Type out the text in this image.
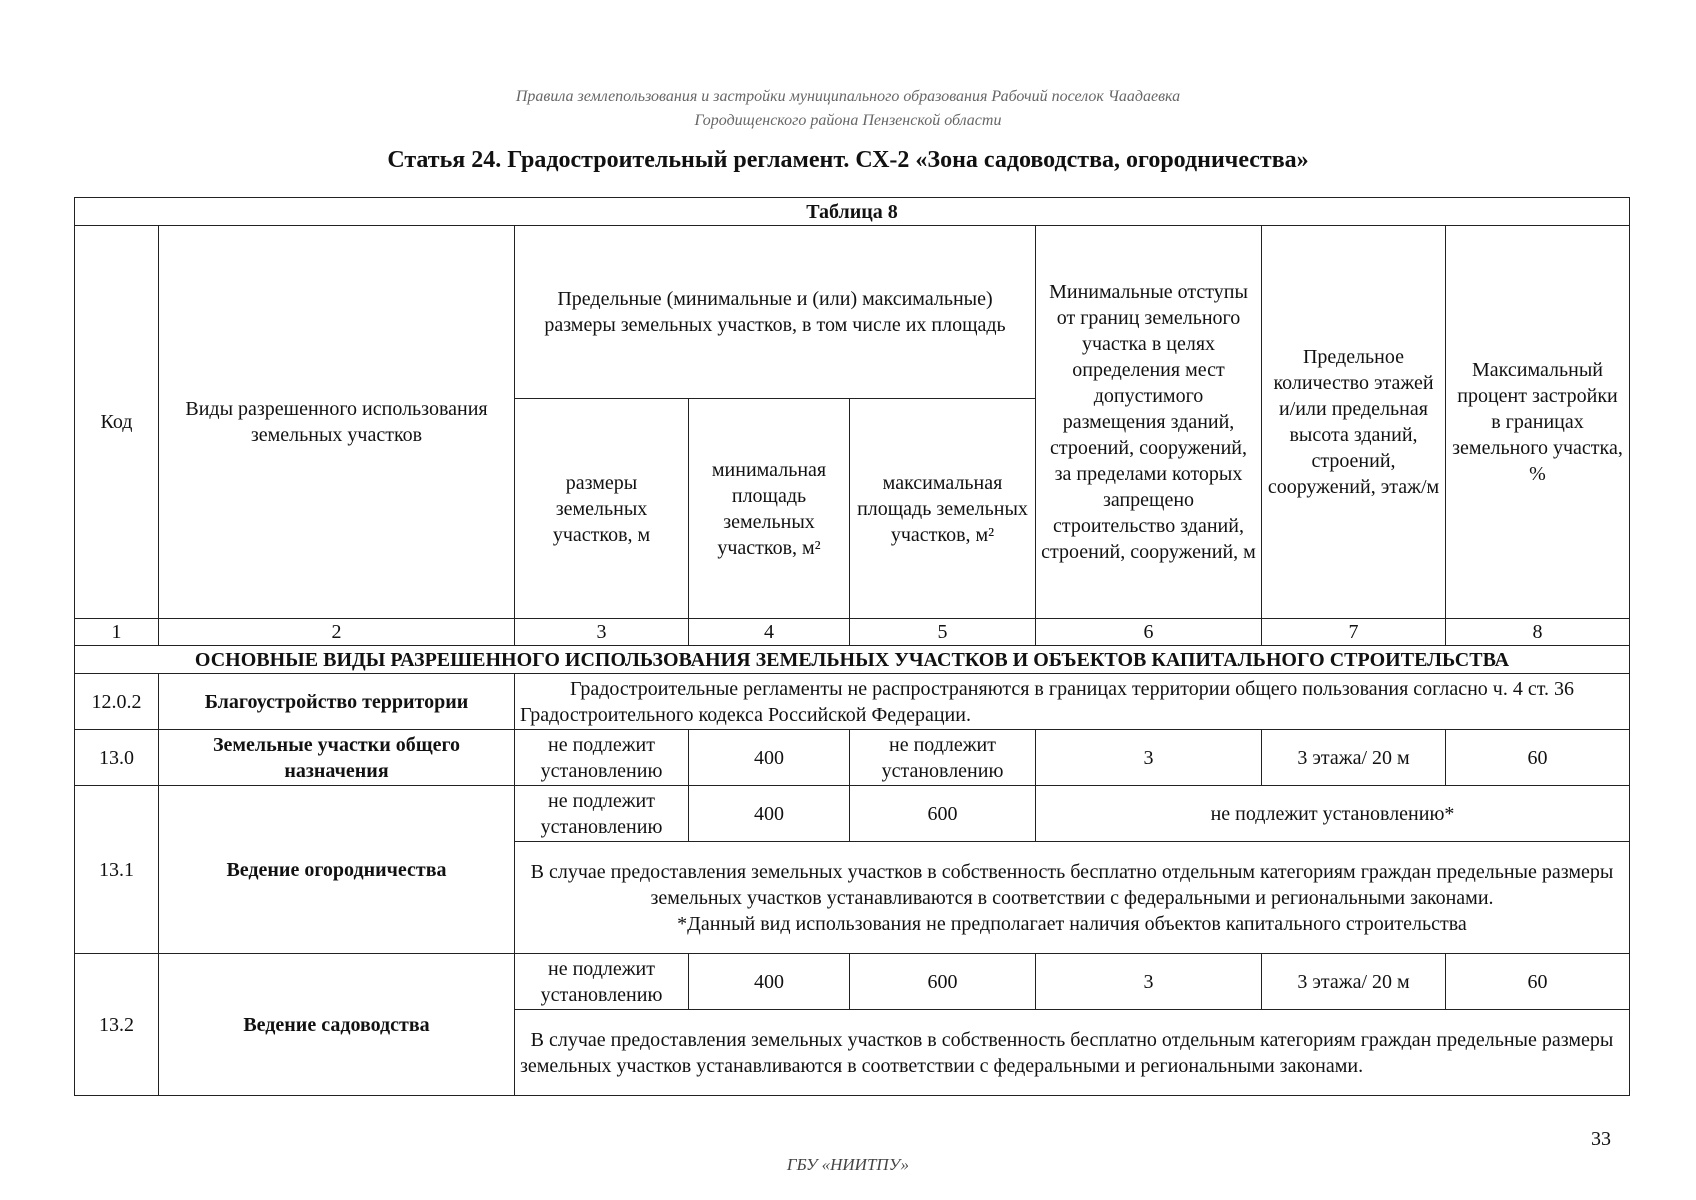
Правила землепользования и застройки муниципального образования Рабочий поселок Чаадаевка
Городищенского района Пензенской области
Статья 24. Градостроительный регламент. СХ-2 «Зона садоводства, огородничества»
Таблица 8							
Код	Виды разрешенного использования земельных участков	Предельные (минимальные и (или) максимальные) размеры земельных участков, в том числе их площадь			Минимальные отступы от границ земельного участка в целях определения мест допустимого размещения зданий, строений, сооружений, за пределами которых запрещено строительство зданий, строений, сооружений, м	Предельное количество этажей и/или предельная высота зданий, строений, сооружений, этаж/м	Максимальный процент застройки в границах земельного участка, %
		размеры земельных участков, м	минимальная площадь земельных участков, м²	максимальная площадь земельных участков, м²			
1	2	3	4	5	6	7	8
ОСНОВНЫЕ ВИДЫ РАЗРЕШЕННОГО ИСПОЛЬЗОВАНИЯ ЗЕМЕЛЬНЫХ УЧАСТКОВ И ОБЪЕКТОВ КАПИТАЛЬНОГО СТРОИТЕЛЬСТВА							
12.0.2	Благоустройство территории	Градостроительные регламенты не распространяются в границах территории общего пользования согласно ч. 4 ст. 36 Градостроительного кодекса Российской Федерации.					
13.0	Земельные участки общего назначения	не подлежит установлению	400	не подлежит установлению	3	3 этажа/ 20 м	60
13.1	Ведение огородничества	не подлежит установлению	400	600	не подлежит установлению*		

		В случае предоставления земельных участков в собственность бесплатно отдельным категориям граждан предельные размеры земельных участков устанавливаются в соответствии с федеральными и региональными законами.
*Данный вид использования не предполагает наличия объектов капитального строительства					

13.2	Ведение садоводства	не подлежит установлению	400	600	3	3 этажа/ 20 м	60
		В случае предоставления земельных участков в собственность бесплатно отдельным категориям граждан предельные размеры земельных участков устанавливаются в соответствии с федеральными и региональными законами.					
33
ГБУ «НИИТПУ»
